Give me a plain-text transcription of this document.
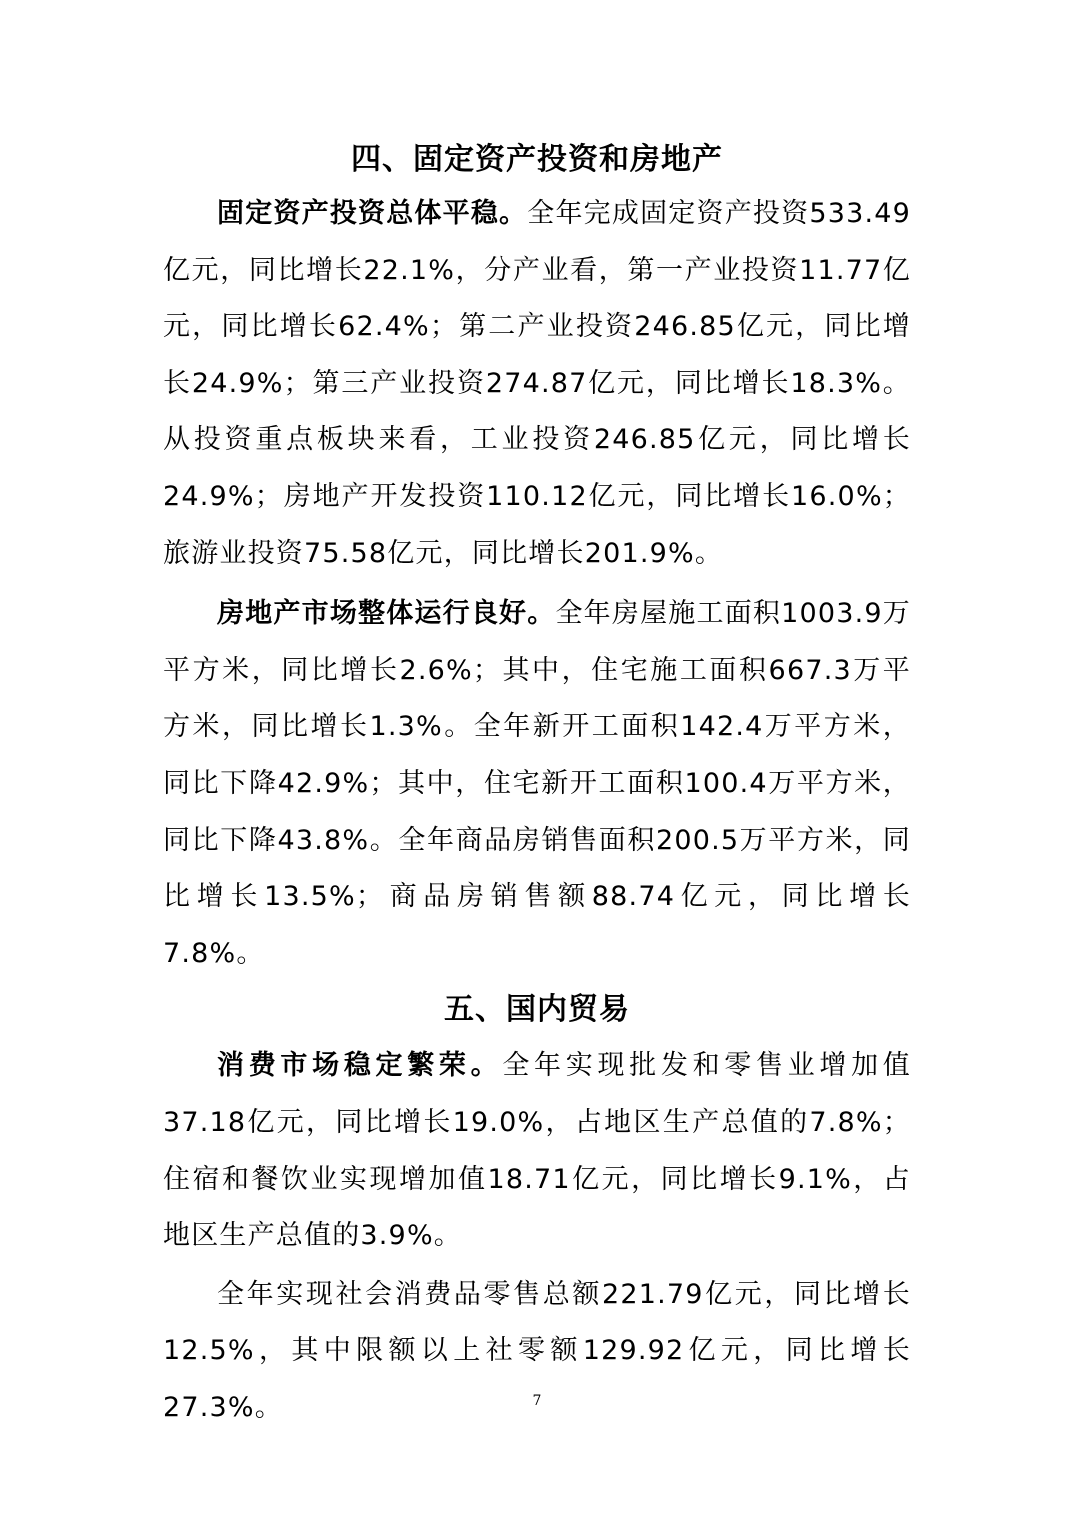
四、固定资产投资和房地产

固定资产投资总体平稳。全年完成固定资产投资533.49亿元，同比增长22.1%，分产业看，第一产业投资11.77亿元，同比增长62.4%；第二产业投资246.85亿元，同比增长24.9%；第三产业投资274.87亿元，同比增长18.3%。从投资重点板块来看，工业投资246.85亿元，同比增长24.9%；房地产开发投资110.12亿元，同比增长16.0%；旅游业投资75.58亿元，同比增长201.9%。

房地产市场整体运行良好。全年房屋施工面积1003.9万平方米，同比增长2.6%；其中，住宅施工面积667.3万平方米，同比增长1.3%。全年新开工面积142.4万平方米，同比下降42.9%；其中，住宅新开工面积100.4万平方米，同比下降43.8%。全年商品房销售面积200.5万平方米，同比增长13.5%；商品房销售额88.74亿元，同比增长7.8%。

五、国内贸易

消费市场稳定繁荣。全年实现批发和零售业增加值37.18亿元，同比增长19.0%，占地区生产总值的7.8%；住宿和餐饮业实现增加值18.71亿元，同比增长9.1%，占地区生产总值的3.9%。

全年实现社会消费品零售总额221.79亿元，同比增长12.5%，其中限额以上社零额129.92亿元，同比增长27.3%。	7
